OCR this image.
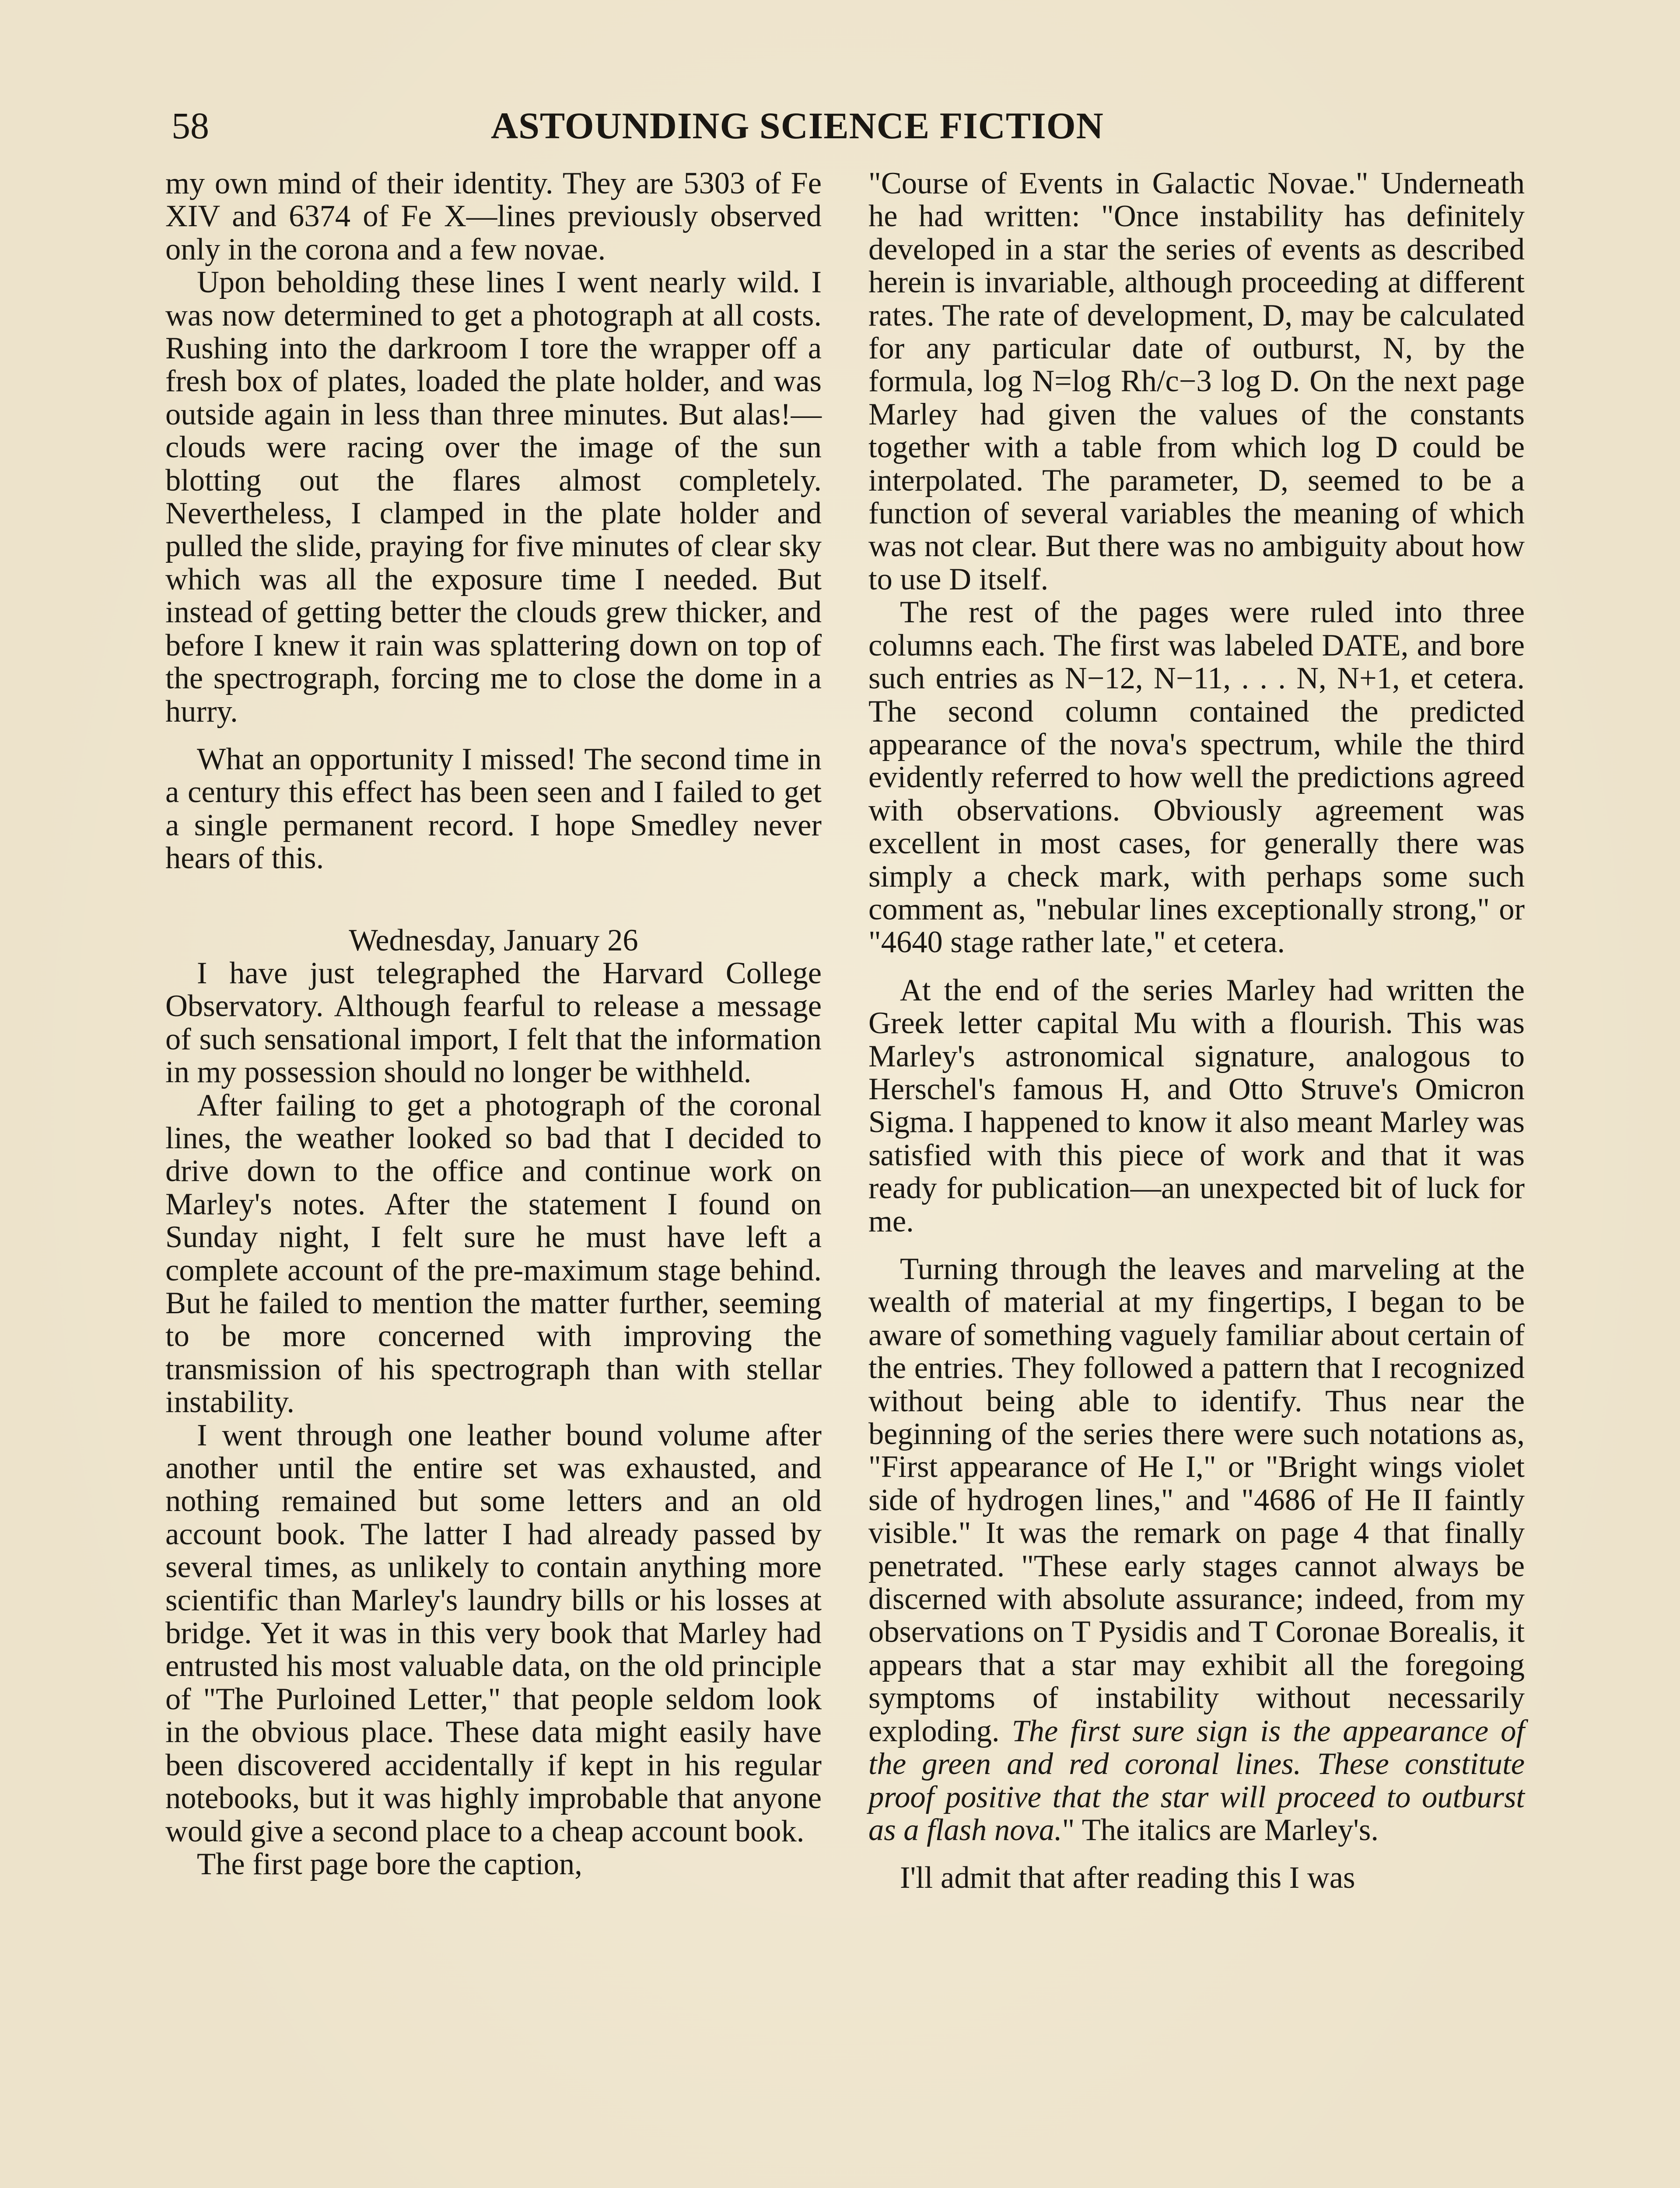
58	ASTOUNDING SCIENCE FICTION

my own mind of their identity. They are 5303 of Fe XIV and 6374 of Fe X—lines previously observed only in the corona and a few novae.

Upon beholding these lines I went nearly wild. I was now determined to get a photograph at all costs. Rushing into the darkroom I tore the wrapper off a fresh box of plates, loaded the plate holder, and was outside again in less than three minutes. But alas!—clouds were racing over the image of the sun blotting out the flares almost completely. Nevertheless, I clamped in the plate holder and pulled the slide, praying for five minutes of clear sky which was all the exposure time I needed. But instead of getting better the clouds grew thicker, and before I knew it rain was splattering down on top of the spectrograph, forcing me to close the dome in a hurry.

What an opportunity I missed! The second time in a century this effect has been seen and I failed to get a single permanent record. I hope Smedley never hears of this.

Wednesday, January 26

I have just telegraphed the Harvard College Observatory. Although fearful to release a message of such sensational import, I felt that the information in my possession should no longer be withheld.

After failing to get a photograph of the coronal lines, the weather looked so bad that I decided to drive down to the office and continue work on Marley's notes. After the statement I found on Sunday night, I felt sure he must have left a complete account of the pre-maximum stage behind. But he failed to mention the matter further, seeming to be more concerned with improving the transmission of his spectrograph than with stellar instability.

I went through one leather bound volume after another until the entire set was exhausted, and nothing remained but some letters and an old account book. The latter I had already passed by several times, as unlikely to contain anything more scientific than Marley's laundry bills or his losses at bridge. Yet it was in this very book that Marley had entrusted his most valuable data, on the old principle of "The Purloined Letter," that people seldom look in the obvious place. These data might easily have been discovered accidentally if kept in his regular notebooks, but it was highly improbable that anyone would give a second place to a cheap account book.

The first page bore the caption,

"Course of Events in Galactic Novae." Underneath he had written: "Once instability has definitely developed in a star the series of events as described herein is invariable, although proceeding at different rates. The rate of development, D, may be calculated for any particular date of outburst, N, by the formula, log N=log Rh/c−3 log D. On the next page Marley had given the values of the constants together with a table from which log D could be interpolated. The parameter, D, seemed to be a function of several variables the meaning of which was not clear. But there was no ambiguity about how to use D itself.

The rest of the pages were ruled into three columns each. The first was labeled DATE, and bore such entries as N−12, N−11, . . . N, N+1, et cetera. The second column contained the predicted appearance of the nova's spectrum, while the third evidently referred to how well the predictions agreed with observations. Obviously agreement was excellent in most cases, for generally there was simply a check mark, with perhaps some such comment as, "nebular lines exceptionally strong," or "4640 stage rather late," et cetera.

At the end of the series Marley had written the Greek letter capital Mu with a flourish. This was Marley's astronomical signature, analogous to Herschel's famous H, and Otto Struve's Omicron Sigma. I happened to know it also meant Marley was satisfied with this piece of work and that it was ready for publication—an unexpected bit of luck for me.

Turning through the leaves and marveling at the wealth of material at my fingertips, I began to be aware of something vaguely familiar about certain of the entries. They followed a pattern that I recognized without being able to identify. Thus near the beginning of the series there were such notations as, "First appearance of He I," or "Bright wings violet side of hydrogen lines," and "4686 of He II faintly visible." It was the remark on page 4 that finally penetrated. "These early stages cannot always be discerned with absolute assurance; indeed, from my observations on T Pysidis and T Coronae Borealis, it appears that a star may exhibit all the foregoing symptoms of instability without necessarily exploding. The first sure sign is the appearance of the green and red coronal lines. These constitute proof positive that the star will proceed to outburst as a flash nova." The italics are Marley's.

I'll admit that after reading this I was
